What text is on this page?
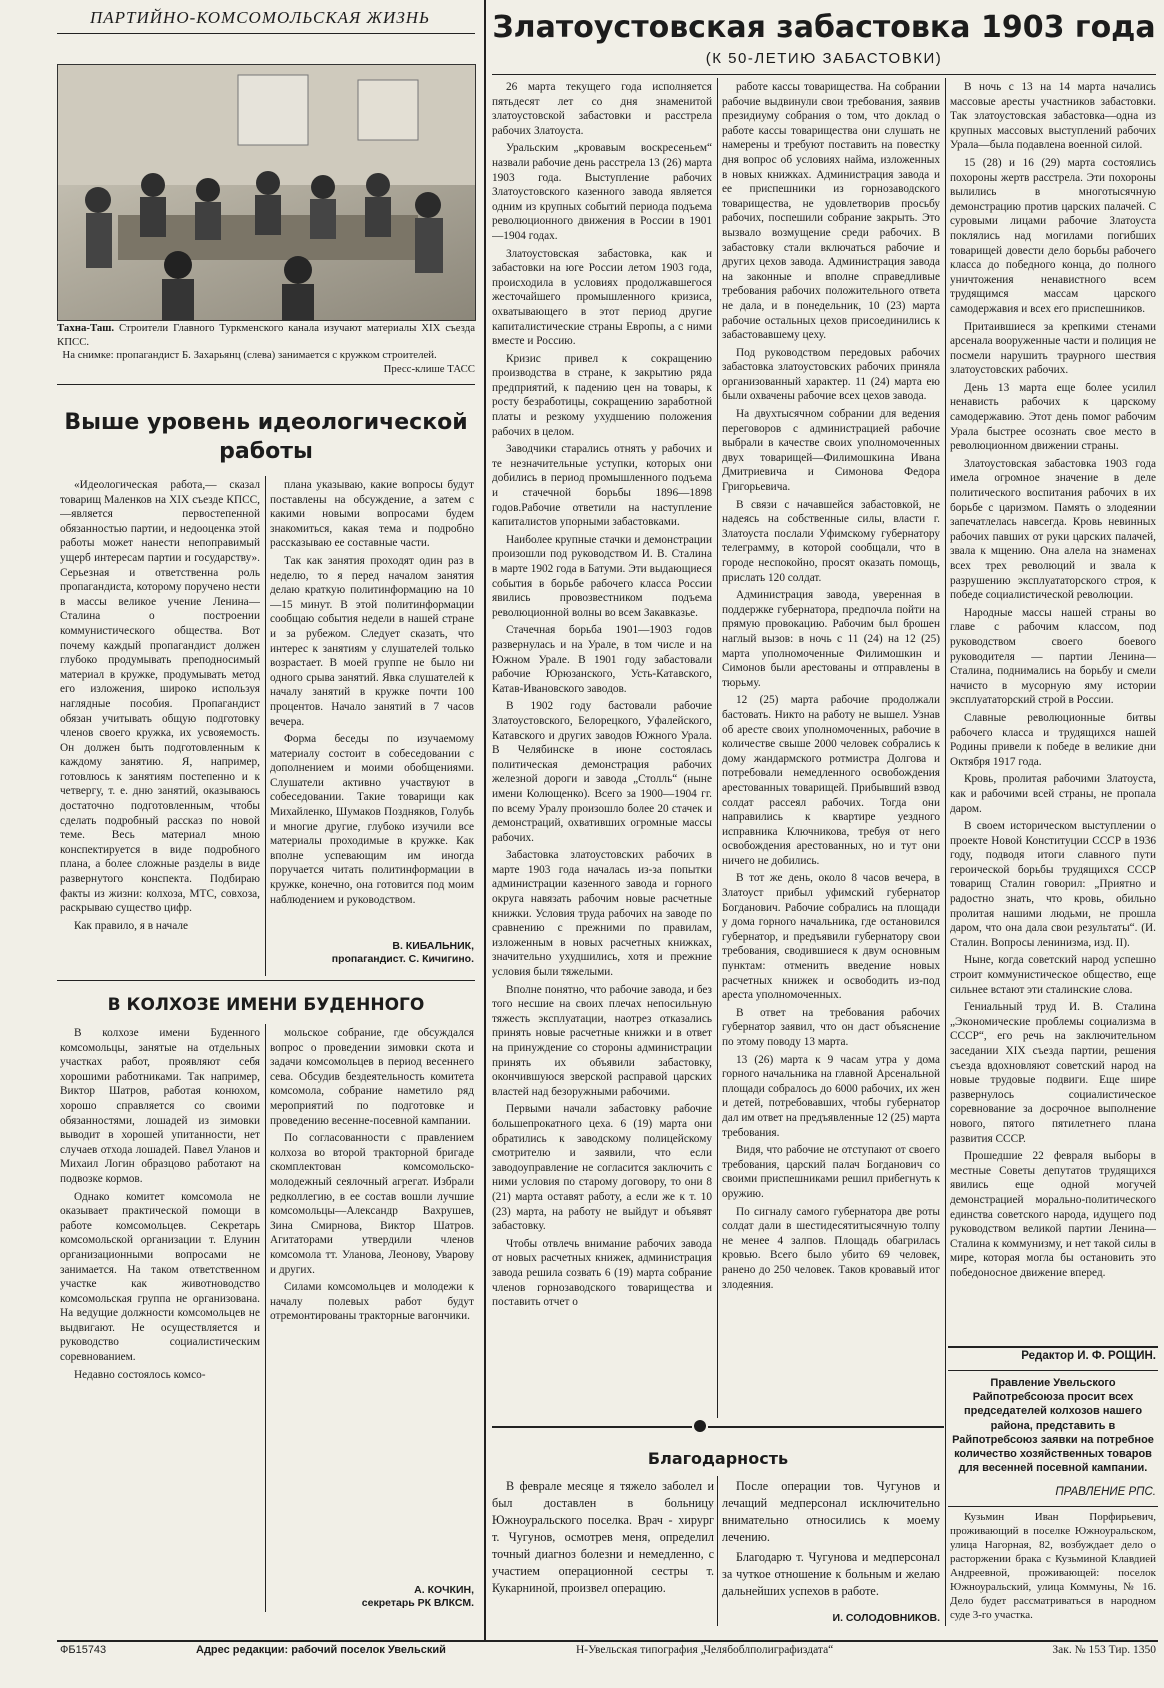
ПАРТИЙНО-КОМСОМОЛЬСКАЯ ЖИЗНЬ
Тахна-Таш. Строители Главного Туркменского канала изучают материалы XIX съезда КПСС.
На снимке: пропагандист Б. Захарьянц (слева) занимается с кружком строителей.
Пресс-клише ТАСС
Выше уровень идеологической работы

«Идеологическая работа,— сказал товарищ Маленков на XIX съезде КПСС,—является первостепенной обязанностью партии, и недооценка этой работы может нанести непоправимый ущерб интересам партии и государству». Серьезная и ответственна роль пропагандиста, которому поручено нести в массы великое учение Ленина—Сталина о построении коммунистического общества. Вот почему каждый пропагандист должен глубоко продумывать преподносимый материал в кружке, продумывать метод его изложения, широко используя наглядные пособия. Пропагандист обязан учитывать общую подготовку членов своего кружка, их усвояемость. Он должен быть подготовленным к каждому занятию. Я, например, готовлюсь к занятиям постепенно и к четвергу, т. е. дню занятий, оказываюсь достаточно подготовленным, чтобы сделать подробный рассказ по новой теме. Весь материал мною конспектируется в виде подробного плана, а более сложные разделы в виде развернутого конспекта. Подбираю факты из жизни: колхоза, МТС, совхоза, раскрываю существо цифр.

Как правило, я в начале

плана указываю, какие вопросы будут поставлены на обсуждение, а затем с какими новыми вопросами будем знакомиться, какая тема и подробно рассказываю ее составные части.

Так как занятия проходят один раз в неделю, то я перед началом занятия делаю краткую политинформацию на 10—15 минут. В этой политинформации сообщаю события недели в нашей стране и за рубежом. Следует сказать, что интерес к занятиям у слушателей только возрастает. В моей группе не было ни одного срыва занятий. Явка слушателей к началу занятий в кружке почти 100 процентов. Начало занятий в 7 часов вечера.

Форма беседы по изучаемому материалу состоит в собеседовании с дополнением и моими обобщениями. Слушатели активно участвуют в собеседовании. Такие товарищи как Михайленко, Шумаков Поздняков, Голубь и многие другие, глубоко изучили все материалы проходимые в кружке. Как вполне успевающим им иногда поручается читать политинформации в кружке, конечно, она готовится под моим наблюдением и руководством.

В. КИБАЛЬНИК,
пропагандист. С. Кичигино.
В КОЛХОЗЕ ИМЕНИ БУДЕННОГО

В колхозе имени Буденного комсомольцы, занятые на отдельных участках работ, проявляют себя хорошими работниками. Так например, Виктор Шатров, работая конюхом, хорошо справляется со своими обязанностями, лошадей из зимовки выводит в хорошей упитанности, нет случаев отхода лошадей. Павел Уланов и Михаил Логин образцово работают на подвозке кормов.

Однако комитет комсомола не оказывает практической помощи в работе комсомольцев. Секретарь комсомольской организации т. Елунин организационными вопросами не занимается. На таком ответственном участке как животноводство комсомольская группа не организована. На ведущие должности комсомольцев не выдвигают. Не осуществляется и руководство социалистическим соревнованием.

Недавно состоялось комсо-

мольское собрание, где обсуждался вопрос о проведении зимовки скота и задачи комсомольцев в период весеннего сева. Обсудив бездеятельность комитета комсомола, собрание наметило ряд мероприятий по подготовке и проведению весенне-посевной кампании.

По согласованности с правлением колхоза во второй тракторной бригаде скомплектован комсомольско-молодежный сеялочный агрегат. Избрали редколлегию, в ее состав вошли лучшие комсомольцы—Александр Вахрушев, Зина Смирнова, Виктор Шатров. Агитаторами утвердили членов комсомола тт. Уланова, Леонову, Уварову и других.

Силами комсомольцев и молодежи к началу полевых работ будут отремонтированы тракторные вагончики.

А. КОЧКИН,
секретарь РК ВЛКСМ.
Златоустовская забастовка 1903 года
(К 50-ЛЕТИЮ ЗАБАСТОВКИ)

26 марта текущего года исполняется пятьдесят лет со дня знаменитой златоустовской забастовки и расстрела рабочих Златоуста.

Уральским „кровавым воскресеньем“ назвали рабочие день расстрела 13 (26) марта 1903 года. Выступление рабочих Златоустовского казенного завода является одним из крупных событий периода подъема революционного движения в России в 1901—1904 годах.

Златоустовская забастовка, как и забастовки на юге России летом 1903 года, происходила в условиях продолжавшегося жесточайшего промышленного кризиса, охватывающего в этот период другие капиталистические страны Европы, а с ними вместе и Россию.

Кризис привел к сокращению производства в стране, к закрытию ряда предприятий, к падению цен на товары, к росту безработицы, сокращению заработной платы и резкому ухудшению положения рабочих в целом.

Заводчики старались отнять у рабочих и те незначительные уступки, которых они добились в период промышленного подъема и стачечной борьбы 1896—1898 годов.Рабочие ответили на наступление капиталистов упорными забастовками.

Наиболее крупные стачки и демонстрации произошли под руководством И. В. Сталина в марте 1902 года в Батуми. Эти выдающиеся события в борьбе рабочего класса России явились провозвестником подъема революционной волны во всем Закавказье.

Стачечная борьба 1901—1903 годов развернулась и на Урале, в том числе и на Южном Урале. В 1901 году забастовали рабочие Юрюзанского, Усть-Катавского, Катав-Ивановского заводов.

В 1902 году бастовали рабочие Златоустовского, Белорецкого, Уфалейского, Катавского и других заводов Южного Урала. В Челябинске в июне состоялась политическая демонстрация рабочих железной дороги и завода „Столль“ (ныне имени Колющенко). Всего за 1900—1904 гг. по всему Уралу произошло более 20 стачек и демонстраций, охвативших огромные массы рабочих.

Забастовка златоустовских рабочих в марте 1903 года началась из-за попытки администрации казенного завода и горного округа навязать рабочим новые расчетные книжки. Условия труда рабочих на заводе по сравнению с прежними по правилам, изложенным в новых расчетных книжках, значительно ухудшились, хотя и прежние условия были тяжелыми.

Вполне понятно, что рабочие завода, и без того несшие на своих плечах непосильную тяжесть эксплуатации, наотрез отказались принять новые расчетные книжки и в ответ на принуждение со стороны администрации принять их объявили забастовку, окончившуюся зверской расправой царских властей над безоружными рабочими.

Первыми начали забастовку рабочие большепрокатного цеха. 6 (19) марта они обратились к заводскому полицейскому смотрителю и заявили, что если заводоуправление не согласится заключить с ними условия по старому договору, то они 8 (21) марта оставят работу, а если же к т. 10 (23) марта, на работу не выйдут и объявят забастовку.

Чтобы отвлечь внимание рабочих завода от новых расчетных книжек, администрация завода решила созвать 6 (19) марта собрание членов горнозаводского товарищества и поставить отчет о

работе кассы товарищества. На собрании рабочие выдвинули свои требования, заявив президиуму собрания о том, что доклад о работе кассы товарищества они слушать не намерены и требуют поставить на повестку дня вопрос об условиях найма, изложенных в новых книжках. Администрация завода и ее приспешники из горнозаводского товарищества, не удовлетворив просьбу рабочих, поспешили собрание закрыть. Это вызвало возмущение среди рабочих. В забастовку стали включаться рабочие и других цехов завода. Администрация завода на законные и вполне справедливые требования рабочих положительного ответа не дала, и в понедельник, 10 (23) марта рабочие остальных цехов присоединились к забастовавшему цеху.

Под руководством передовых рабочих забастовка златоустовских рабочих приняла организованный характер. 11 (24) марта ею были охвачены рабочие всех цехов завода.

На двухтысячном собрании для ведения переговоров с администрацией рабочие выбрали в качестве своих уполномоченных двух товарищей—Филимошкина Ивана Дмитриевича и Симонова Федора Григорьевича.

В связи с начавшейся забастовкой, не надеясь на собственные силы, власти г. Златоуста послали Уфимскому губернатору телеграмму, в которой сообщали, что в городе неспокойно, просят оказать помощь, прислать 120 солдат.

Администрация завода, уверенная в поддержке губернатора, предпочла пойти на прямую провокацию. Рабочим был брошен наглый вызов: в ночь с 11 (24) на 12 (25) марта уполномоченные Филимошкин и Симонов были арестованы и отправлены в тюрьму.

12 (25) марта рабочие продолжали бастовать. Никто на работу не вышел. Узнав об аресте своих уполномоченных, рабочие в количестве свыше 2000 человек собрались к дому жандармского ротмистра Долгова и потребовали немедленного освобождения арестованных товарищей. Прибывший взвод солдат рассеял рабочих. Тогда они направились к квартире уездного исправника Ключникова, требуя от него освобождения арестованных, но и тут они ничего не добились.

В тот же день, около 8 часов вечера, в Златоуст прибыл уфимский губернатор Богданович. Рабочие собрались на площади у дома горного начальника, где остановился губернатор, и предъявили губернатору свои требования, сводившиеся к двум основным пунктам: отменить введение новых расчетных книжек и освободить из-под ареста уполномоченных.

В ответ на требования рабочих губернатор заявил, что он даст объяснение по этому поводу 13 марта.

13 (26) марта к 9 часам утра у дома горного начальника на главной Арсенальной площади собралось до 6000 рабочих, их жен и детей, потребовавших, чтобы губернатор дал им ответ на предъявленные 12 (25) марта требования.

Видя, что рабочие не отступают от своего требования, царский палач Богданович со своими приспешниками решил прибегнуть к оружию.

По сигналу самого губернатора две роты солдат дали в шестидесятитысячную толпу не менее 4 залпов. Площадь обагрилась кровью. Всего было убито 69 человек, ранено до 250 человек. Таков кровавый итог злодеяния.

В ночь с 13 на 14 марта начались массовые аресты участников забастовки. Так златоустовская забастовка—одна из крупных массовых выступлений рабочих Урала—была подавлена военной силой.

15 (28) и 16 (29) марта состоялись похороны жертв расстрела. Эти похороны вылились в многотысячную демонстрацию против царских палачей. С суровыми лицами рабочие Златоуста поклялись над могилами погибших товарищей довести дело борьбы рабочего класса до победного конца, до полного уничтожения ненавистного всем трудящимся массам царского самодержавия и всех его приспешников.

Притаившиеся за крепкими стенами арсенала вооруженные части и полиция не посмели нарушить траурного шествия златоустовских рабочих.

День 13 марта еще более усилил ненависть рабочих к царскому самодержавию. Этот день помог рабочим Урала быстрее осознать свое место в революционном движении страны.

Златоустовская забастовка 1903 года имела огромное значение в деле политического воспитания рабочих в их борьбе с царизмом. Память о злодеянии запечатлелась навсегда. Кровь невинных рабочих павших от руки царских палачей, звала к мщению. Она алела на знаменах всех трех революций и звала к разрушению эксплуататорского строя, к победе социалистической революции.

Народные массы нашей страны во главе с рабочим классом, под руководством своего боевого руководителя — партии Ленина—Сталина, поднимались на борьбу и смели начисто в мусорную яму истории эксплуататорский строй в России.

Славные революционные битвы рабочего класса и трудящихся нашей Родины привели к победе в великие дни Октября 1917 года.

Кровь, пролитая рабочими Златоуста, как и рабочими всей страны, не пропала даром.

В своем историческом выступлении о проекте Новой Конституции СССР в 1936 году, подводя итоги славного пути героической борьбы трудящихся СССР товарищ Сталин говорил: „Приятно и радостно знать, что кровь, обильно пролитая нашими людьми, не прошла даром, что она дала свои результаты“. (И. Сталин. Вопросы ленинизма, изд. II).

Ныне, когда советский народ успешно строит коммунистическое общество, еще сильнее встают эти сталинские слова.

Гениальный труд И. В. Сталина „Экономические проблемы социализма в СССР“, его речь на заключительном заседании XIX съезда партии, решения съезда вдохновляют советский народ на новые трудовые подвиги. Еще шире развернулось социалистическое соревнование за досрочное выполнение нового, пятого пятилетнего плана развития СССР.

Прошедшие 22 февраля выборы в местные Советы депутатов трудящихся явились еще одной могучей демонстрацией морально-политического единства советского народа, идущего под руководством великой партии Ленина—Сталина к коммунизму, и нет такой силы в мире, которая могла бы остановить это победоносное движение вперед.

Редактор И. Ф. РОЩИН.
Правление Увельского Райпотребсоюза просит всех председателей колхозов нашего района, представить в Райпотребсоюз заявки на потребное количество хозяйственных товаров для весенней посевной кампании.
ПРАВЛЕНИЕ РПС.

Кузьмин Иван Порфирьевич, проживающий в поселке Южноуральском, улица Нагорная, 82, возбуждает дело о расторжении брака с Кузьминой Клавдией Андреевной, проживающей: поселок Южноуральский, улица Коммуны, № 16. Дело будет рассматриваться в народном суде 3-го участка.

Благодарность

В феврале месяце я тяжело заболел и был доставлен в больницу Южноуральского поселка. Врач - хирург т. Чугунов, осмотрев меня, определил точный диагноз болезни и немедленно, с участием операционной сестры т. Кукарниной, произвел операцию.

После операции тов. Чугунов и лечащий медперсонал исключительно внимательно относились к моему лечению.

Благодарю т. Чугунова и медперсонал за чуткое отношение к больным и желаю дальнейших успехов в работе.

И. СОЛОДОВНИКОВ.
ФБ15743	Адрес редакции: рабочий поселок Увельский	Н-Увельская типография „Челябоблполиграфиздата“	Зак. № 153 Тир. 1350
